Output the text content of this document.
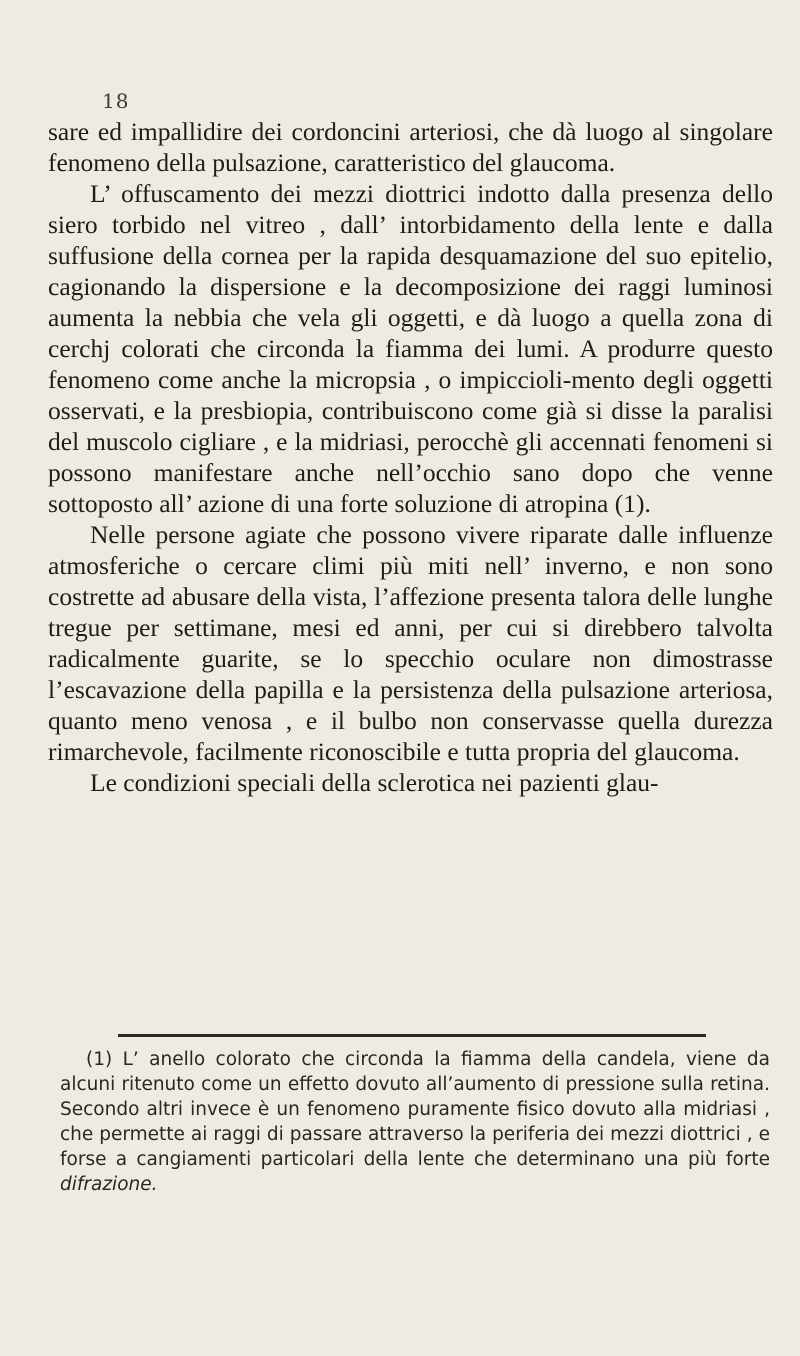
18

sare ed impallidire dei cordoncini arteriosi, che dà luogo al singolare fenomeno della pulsazione, caratteristico del glaucoma.

L’ offuscamento dei mezzi diottrici indotto dalla presenza dello siero torbido nel vitreo , dall’ intorbidamento della lente e dalla suffusione della cornea per la rapida desquamazione del suo epitelio, cagionando la dispersione e la decomposizione dei raggi luminosi aumenta la nebbia che vela gli oggetti, e dà luogo a quella zona di cerchj colorati che circonda la fiamma dei lumi. A produrre questo fenomeno come anche la micropsia , o impiccioli-mento degli oggetti osservati, e la presbiopia, contribuiscono come già si disse la paralisi del muscolo cigliare , e la midriasi, perocchè gli accennati fenomeni si possono manifestare anche nell’occhio sano dopo che venne sottoposto all’ azione di una forte soluzione di atropina (1).

Nelle persone agiate che possono vivere riparate dalle influenze atmosferiche o cercare climi più miti nell’ inverno, e non sono costrette ad abusare della vista, l’affezione presenta talora delle lunghe tregue per settimane, mesi ed anni, per cui si direbbero talvolta radicalmente guarite, se lo specchio oculare non dimostrasse l’escavazione della papilla e la persistenza della pulsazione arteriosa, quanto meno venosa , e il bulbo non conservasse quella durezza rimarchevole, facilmente riconoscibile e tutta propria del glaucoma.

Le condizioni speciali della sclerotica nei pazienti glau-

(1) L’ anello colorato che circonda la fiamma della candela, viene da alcuni ritenuto come un effetto dovuto all’aumento di pressione sulla retina. Secondo altri invece è un fenomeno puramente fisico dovuto alla midriasi , che permette ai raggi di passare attraverso la periferia dei mezzi diottrici , e forse a cangiamenti particolari della lente che determinano una più forte difrazione.
